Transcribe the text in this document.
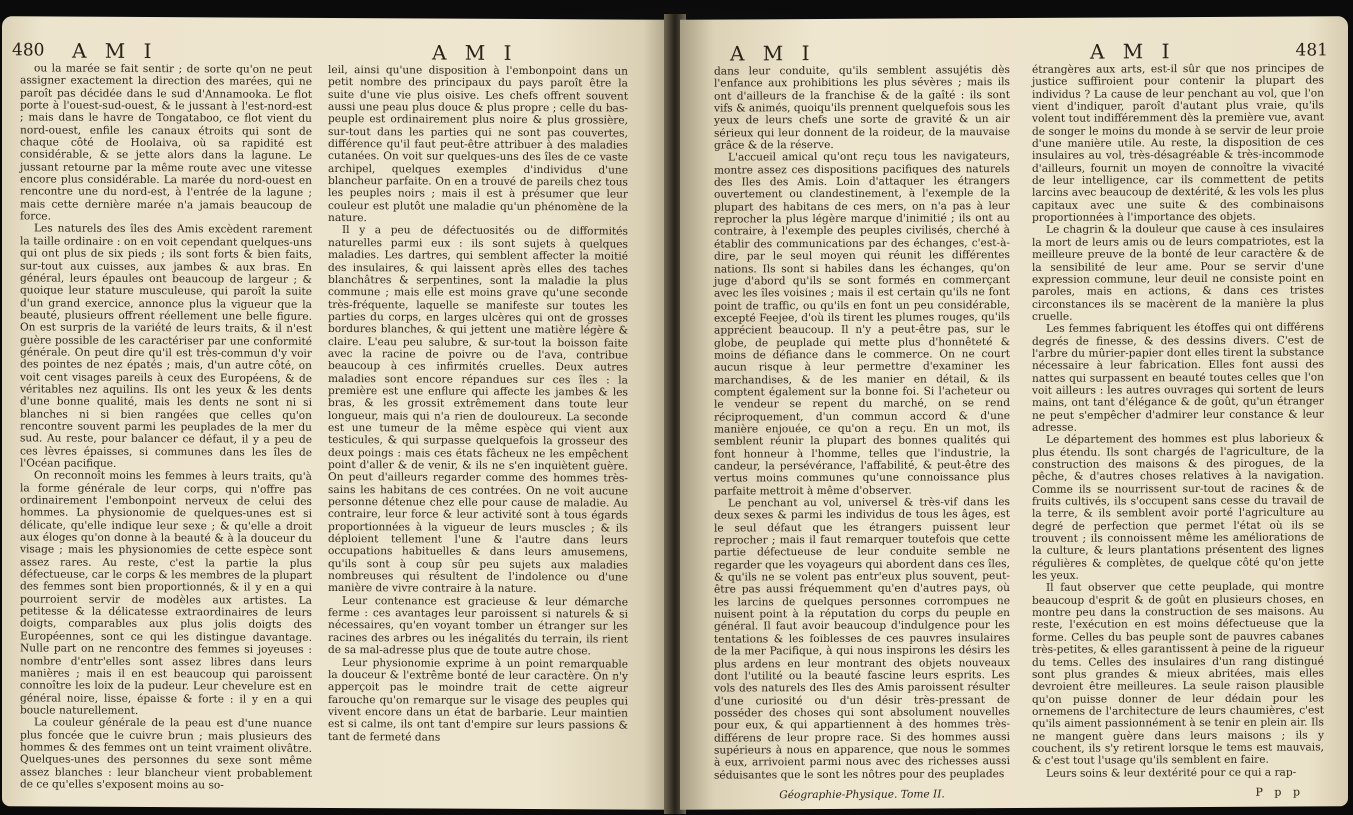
480 A M I	A M I

ou la marée se fait sentir ; de sorte qu'on ne peut assigner exactement la direction des marées, qui ne paroît pas décidée dans le sud d'Annamooka. Le flot porte à l'ouest-sud-ouest, & le jussant à l'est-nord-est ; mais dans le havre de Tongataboo, ce flot vient du nord-ouest, enfile les canaux étroits qui sont de chaque côté de Hoolaiva, où sa rapidité est considérable, & se jette alors dans la lagune. Le jussant retourne par la même route avec une vitesse encore plus considérable. La marée du nord-ouest en rencontre une du nord-est, à l'entrée de la lagune ; mais cette dernière marée n'a jamais beaucoup de force.

Les naturels des îles des Amis excèdent rarement la taille ordinaire : on en voit cependant quelques-uns qui ont plus de six pieds ; ils sont forts & bien faits, sur-tout aux cuisses, aux jambes & aux bras. En général, leurs épaules ont beaucoup de largeur ; & quoique leur stature musculeuse, qui paroît la suite d'un grand exercice, annonce plus la vigueur que la beauté, plusieurs offrent réellement une belle figure. On est surpris de la variété de leurs traits, & il n'est guère possible de les caractériser par une conformité générale. On peut dire qu'il est très-commun d'y voir des pointes de nez épatés ; mais, d'un autre côté, on voit cent visages pareils à ceux des Européens, & de véritables nez aquilins. Ils ont les yeux & les dents d'une bonne qualité, mais les dents ne sont ni si blanches ni si bien rangées que celles qu'on rencontre souvent parmi les peuplades de la mer du sud. Au reste, pour balancer ce défaut, il y a peu de ces lèvres épaisses, si communes dans les îles de l'Océan pacifique.

On reconnoît moins les femmes à leurs traits, qu'à la forme générale de leur corps, qui n'offre pas ordinairement l'embonpoint nerveux de celui des hommes. La physionomie de quelques-unes est si délicate, qu'elle indique leur sexe ; & qu'elle a droit aux éloges qu'on donne à la beauté & à la douceur du visage ; mais les physionomies de cette espèce sont assez rares. Au reste, c'est la partie la plus défectueuse, car le corps & les membres de la plupart des femmes sont bien proportionnés, & il y en a qui pourroient servir de modèles aux artistes. La petitesse & la délicatesse extraordinaires de leurs doigts, comparables aux plus jolis doigts des Européennes, sont ce qui les distingue davantage. Nulle part on ne rencontre des femmes si joyeuses : nombre d'entr'elles sont assez libres dans leurs manières ; mais il en est beaucoup qui paroissent connoître les loix de la pudeur. Leur chevelure est en général noire, lisse, épaisse & forte : il y en a qui boucle naturellement.

La couleur générale de la peau est d'une nuance plus foncée que le cuivre brun ; mais plusieurs des hommes & des femmes ont un teint vraiment olivâtre. Quelques-unes des personnes du sexe sont même assez blanches : leur blancheur vient probablement de ce qu'elles s'exposent moins au so-

leil, ainsi qu'une disposition à l'embonpoint dans un petit nombre des principaux du pays paroît être la suite d'une vie plus oisive. Les chefs offrent souvent aussi une peau plus douce & plus propre ; celle du bas-peuple est ordinairement plus noire & plus grossière, sur-tout dans les parties qui ne sont pas couvertes, différence qu'il faut peut-être attribuer à des maladies cutanées. On voit sur quelques-uns des îles de ce vaste archipel, quelques exemples d'individus d'une blancheur parfaite. On en a trouvé de pareils chez tous les peuples noirs ; mais il est à présumer que leur couleur est plutôt une maladie qu'un phénomène de la nature.

Il y a peu de défectuosités ou de difformités naturelles parmi eux : ils sont sujets à quelques maladies. Les dartres, qui semblent affecter la moitié des insulaires, & qui laissent après elles des taches blanchâtres & serpentines, sont la maladie la plus commune ; mais elle est moins grave qu'une seconde très-fréquente, laquelle se manifeste sur toutes les parties du corps, en larges ulcères qui ont de grosses bordures blanches, & qui jettent une matière légère & claire. L'eau peu salubre, & sur-tout la boisson faite avec la racine de poivre ou de l'ava, contribue beaucoup à ces infirmités cruelles. Deux autres maladies sont encore répandues sur ces îles : la première est une enflure qui affecte les jambes & les bras, & les grossit extrêmement dans toute leur longueur, mais qui n'a rien de douloureux. La seconde est une tumeur de la même espèce qui vient aux testicules, & qui surpasse quelquefois la grosseur des deux poings : mais ces états fâcheux ne les empêchent point d'aller & de venir, & ils ne s'en inquiètent guère. On peut d'ailleurs regarder comme des hommes très-sains les habitans de ces contrées. On ne voit aucune personne détenue chez elle pour cause de maladie. Au contraire, leur force & leur activité sont à tous égards proportionnées à la vigueur de leurs muscles ; & ils déploient tellement l'une & l'autre dans leurs occupations habituelles & dans leurs amusemens, qu'ils sont à coup sûr peu sujets aux maladies nombreuses qui résultent de l'indolence ou d'une manière de vivre contraire à la nature.

Leur contenance est gracieuse & leur démarche ferme : ces avantages leur paroissent si naturels & si nécessaires, qu'en voyant tomber un étranger sur les racines des arbres ou les inégalités du terrain, ils rient de sa mal-adresse plus que de toute autre chose.

Leur physionomie exprime à un point remarquable la douceur & l'extrême bonté de leur caractère. On n'y apperçoit pas le moindre trait de cette aigreur farouche qu'on remarque sur le visage des peuples qui vivent encore dans un état de barbarie. Leur maintien est si calme, ils ont tant d'empire sur leurs passions & tant de fermeté dans

A M I	A M I	481

dans leur conduite, qu'ils semblent assujétis dès l'enfance aux prohibitions les plus sévères ; mais ils ont d'ailleurs de la franchise & de la gaîté : ils sont vifs & animés, quoiqu'ils prennent quelquefois sous les yeux de leurs chefs une sorte de gravité & un air sérieux qui leur donnent de la roideur, de la mauvaise grâce & de la réserve.

L'accueil amical qu'ont reçu tous les navigateurs, montre assez ces dispositions pacifiques des naturels des Iles des Amis. Loin d'attaquer les étrangers ouvertement ou clandestinement, à l'exemple de la plupart des habitans de ces mers, on n'a pas à leur reprocher la plus légère marque d'inimitié ; ils ont au contraire, à l'exemple des peuples civilisés, cherché à établir des communications par des échanges, c'est-à-dire, par le seul moyen qui réunit les différentes nations. Ils sont si habiles dans les échanges, qu'on juge d'abord qu'ils se sont formés en commerçant avec les îles voisines ; mais il est certain qu'ils ne font point de traffic, ou qu'ils en font un peu considérable, excepté Feejee, d'où ils tirent les plumes rouges, qu'ils apprécient beaucoup. Il n'y a peut-être pas, sur le globe, de peuplade qui mette plus d'honnêteté & moins de défiance dans le commerce. On ne court aucun risque à leur permettre d'examiner les marchandises, & de les manier en détail, & ils comptent également sur la bonne foi. Si l'acheteur ou le vendeur se repent du marché, on se rend réciproquement, d'un commun accord & d'une manière enjouée, ce qu'on a reçu. En un mot, ils semblent réunir la plupart des bonnes qualités qui font honneur à l'homme, telles que l'industrie, la candeur, la persévérance, l'affabilité, & peut-être des vertus moins communes qu'une connoissance plus parfaite mettroit à même d'observer.

Le penchant au vol, universel & très-vif dans les deux sexes & parmi les individus de tous les âges, est le seul défaut que les étrangers puissent leur reprocher ; mais il faut remarquer toutefois que cette partie défectueuse de leur conduite semble ne regarder que les voyageurs qui abordent dans ces îles, & qu'ils ne se volent pas entr'eux plus souvent, peut-être pas aussi fréquemment qu'en d'autres pays, où les larcins de quelques personnes corrompues ne nuisent point à la réputation du corps du peuple en général. Il faut avoir beaucoup d'indulgence pour les tentations & les foiblesses de ces pauvres insulaires de la mer Pacifique, à qui nous inspirons les désirs les plus ardens en leur montrant des objets nouveaux dont l'utilité ou la beauté fascine leurs esprits. Les vols des naturels des Iles des Amis paroissent résulter d'une curiosité ou d'un désir très-pressant de posséder des choses qui sont absolument nouvelles pour eux, & qui appartiennent à des hommes très-différens de leur propre race. Si des hommes aussi supérieurs à nous en apparence, que nous le sommes à eux, arrivoient parmi nous avec des richesses aussi séduisantes que le sont les nôtres pour des peuplades

étrangères aux arts, est-il sûr que nos principes de justice suffiroient pour contenir la plupart des individus ? La cause de leur penchant au vol, que l'on vient d'indiquer, paroît d'autant plus vraie, qu'ils volent tout indifféremment dès la première vue, avant de songer le moins du monde à se servir de leur proie d'une manière utile. Au reste, la disposition de ces insulaires au vol, très-désagréable & très-incommode d'ailleurs, fournit un moyen de connoître la vivacité de leur intelligence, car ils commettent de petits larcins avec beaucoup de dextérité, & les vols les plus capitaux avec une suite & des combinaisons proportionnées à l'importance des objets.

Le chagrin & la douleur que cause à ces insulaires la mort de leurs amis ou de leurs compatriotes, est la meilleure preuve de la bonté de leur caractère & de la sensibilité de leur ame. Pour se servir d'une expression commune, leur deuil ne consiste point en paroles, mais en actions, & dans ces tristes circonstances ils se macèrent de la manière la plus cruelle.

Les femmes fabriquent les étoffes qui ont différens degrés de finesse, & des dessins divers. C'est de l'arbre du mûrier-papier dont elles tirent la substance nécessaire à leur fabrication. Elles font aussi des nattes qui surpassent en beauté toutes celles que l'on voit ailleurs : les autres ouvrages qui sortent de leurs mains, ont tant d'élégance & de goût, qu'un étranger ne peut s'empêcher d'admirer leur constance & leur adresse.

Le département des hommes est plus laborieux & plus étendu. Ils sont chargés de l'agriculture, de la construction des maisons & des pirogues, de la pêche, & d'autres choses relatives à la navigation. Comme ils se nourrissent sur-tout de racines & de fruits cultivés, ils s'occupent sans cesse du travail de la terre, & ils semblent avoir porté l'agriculture au degré de perfection que permet l'état où ils se trouvent ; ils connoissent même les améliorations de la culture, & leurs plantations présentent des lignes régulières & complètes, de quelque côté qu'on jette les yeux.

Il faut observer que cette peuplade, qui montre beaucoup d'esprit & de goût en plusieurs choses, en montre peu dans la construction de ses maisons. Au reste, l'exécution en est moins défectueuse que la forme. Celles du bas peuple sont de pauvres cabanes très-petites, & elles garantissent à peine de la rigueur du tems. Celles des insulaires d'un rang distingué sont plus grandes & mieux abritées, mais elles devroient être meilleures. La seule raison plausible qu'on puisse donner de leur dédain pour les ornemens de l'architecture de leurs chaumières, c'est qu'ils aiment passionnément à se tenir en plein air. Ils ne mangent guère dans leurs maisons ; ils y couchent, ils s'y retirent lorsque le tems est mauvais, & c'est tout l'usage qu'ils semblent en faire.

Leurs soins & leur dextérité pour ce qui a rap-

Géographie-Physique. Tome II.	P p p
